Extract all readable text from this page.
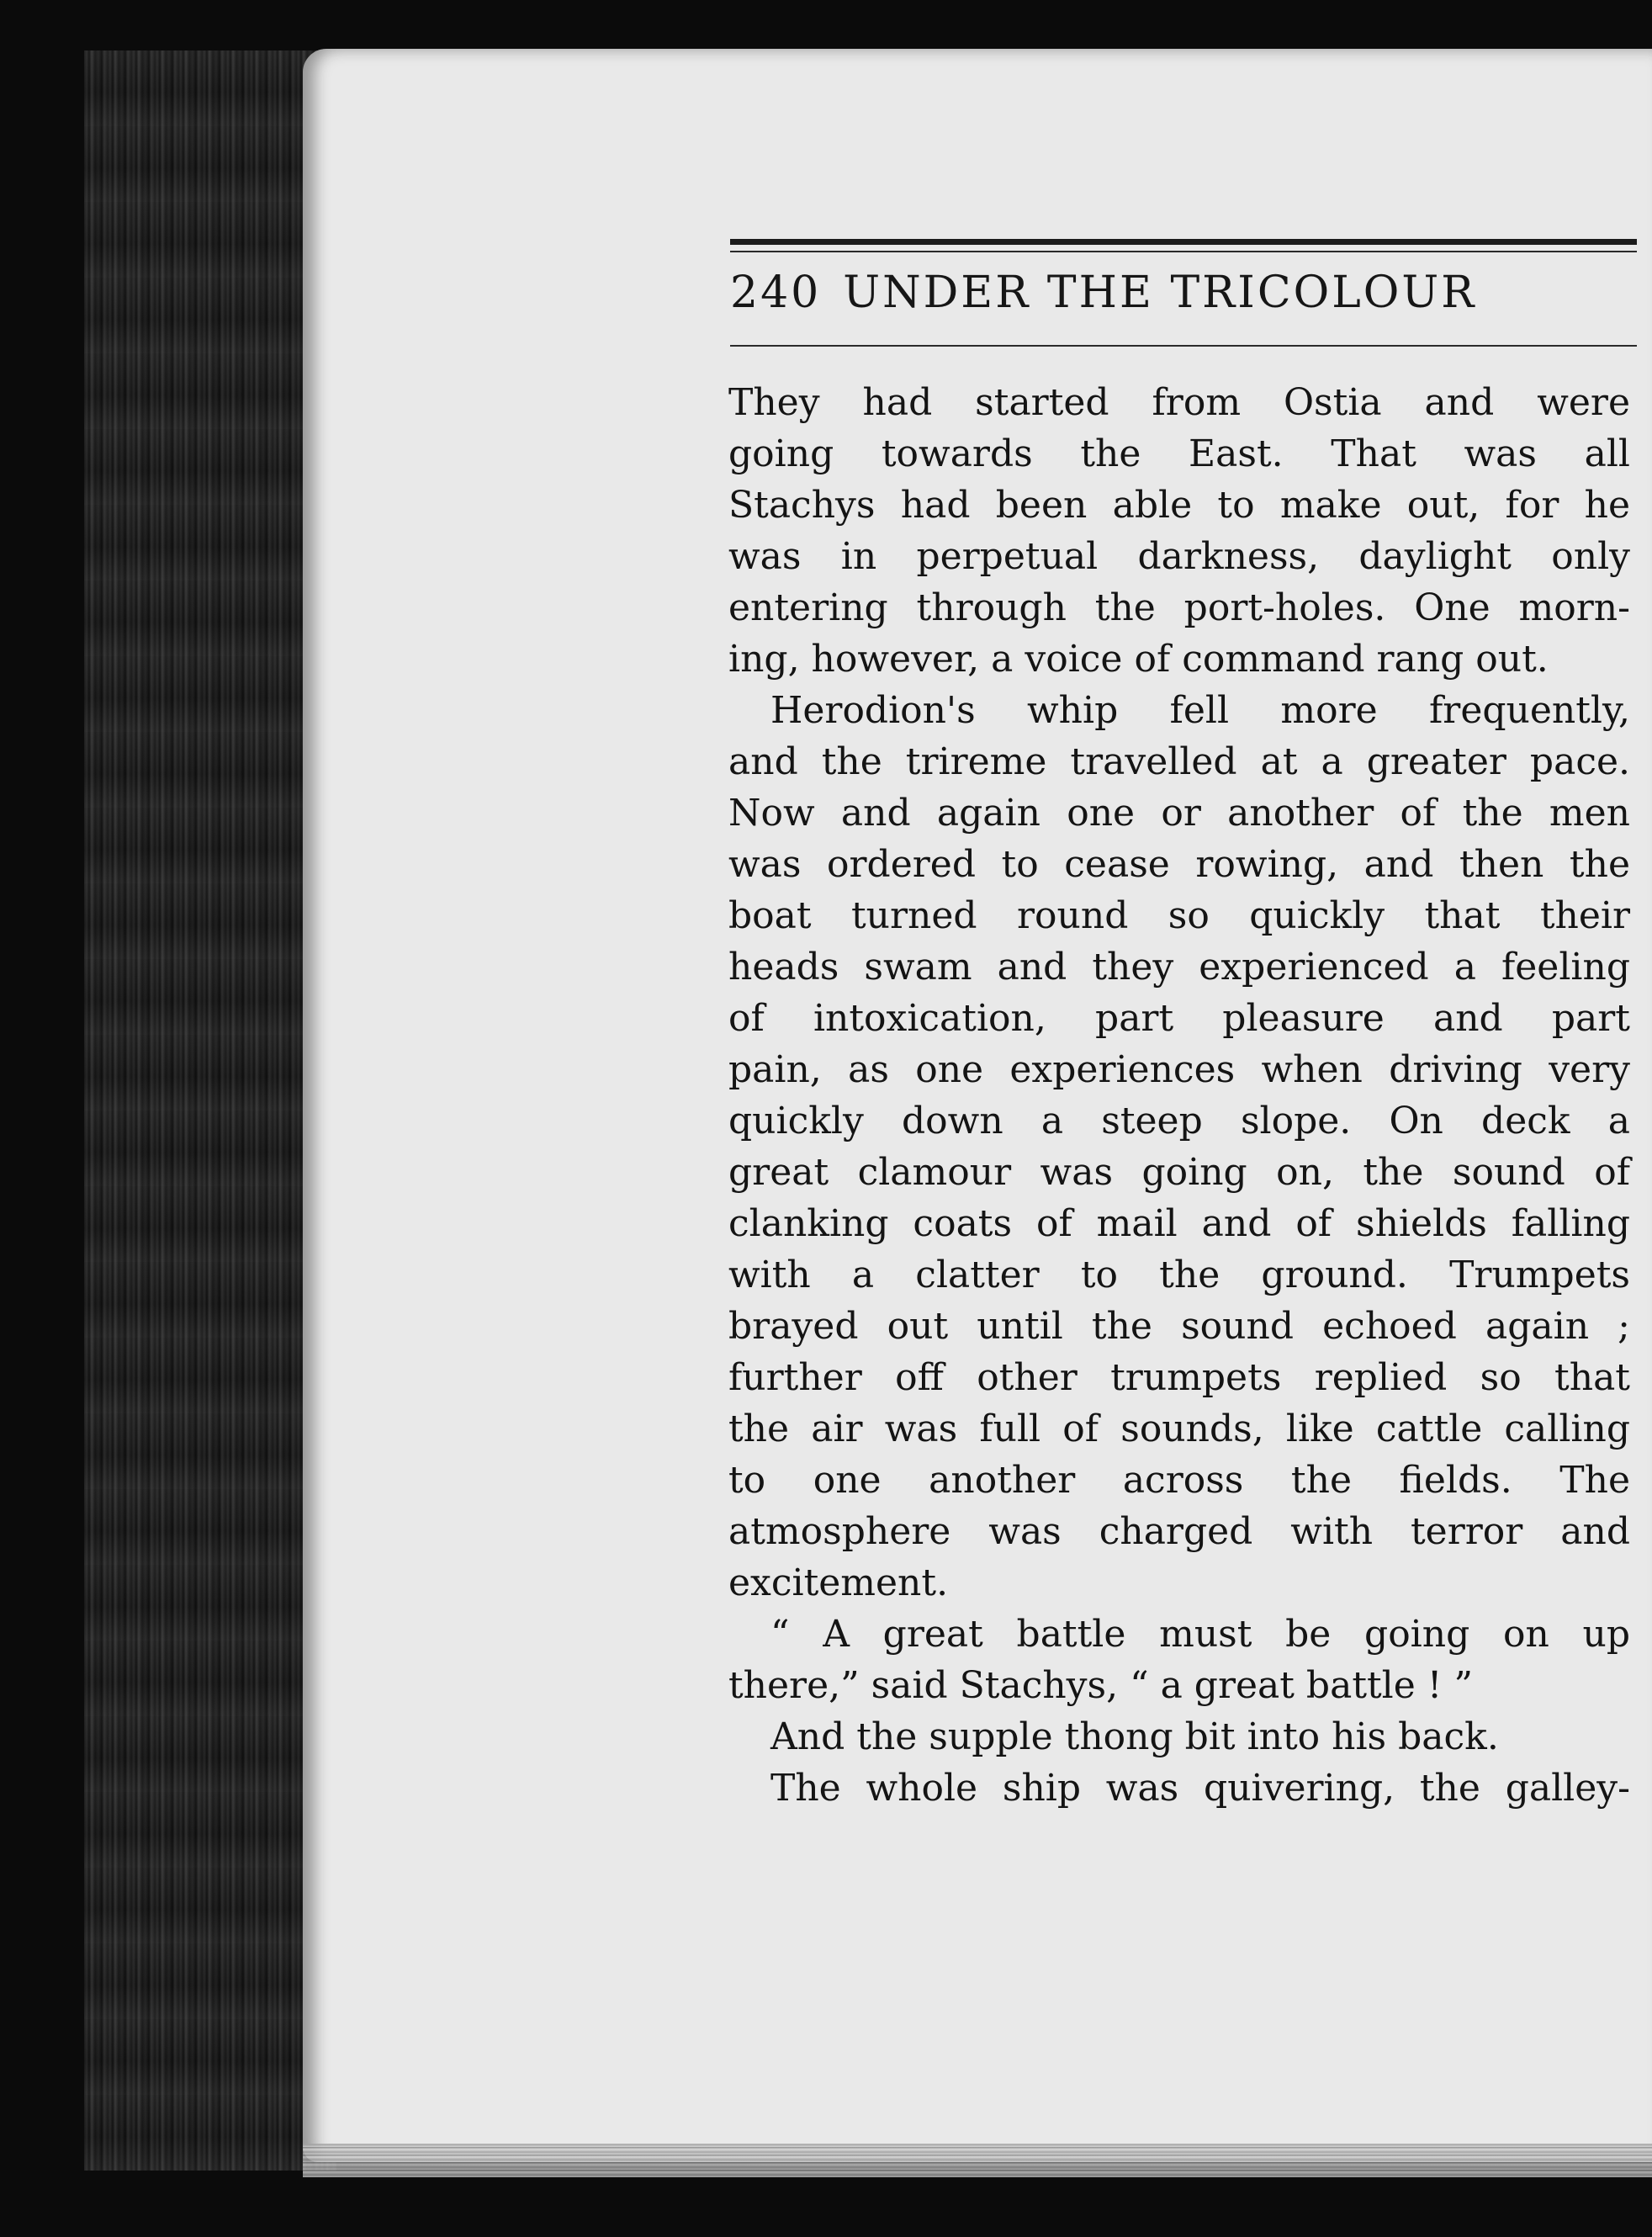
240 UNDER THE TRICOLOUR
They had started from Ostia and were
going towards the East. That was all
Stachys had been able to make out, for he
was in perpetual darkness, daylight only
entering through the port-holes. One morn-
ing, however, a voice of command rang out.
Herodion's whip fell more frequently,
and the trireme travelled at a greater pace.
Now and again one or another of the men
was ordered to cease rowing, and then the
boat turned round so quickly that their
heads swam and they experienced a feeling
of intoxication, part pleasure and part
pain, as one experiences when driving very
quickly down a steep slope. On deck a
great clamour was going on, the sound of
clanking coats of mail and of shields falling
with a clatter to the ground. Trumpets
brayed out until the sound echoed again ;
further off other trumpets replied so that
the air was full of sounds, like cattle calling
to one another across the fields. The
atmosphere was charged with terror and
excitement.
“ A great battle must be going on up
there,” said Stachys, “ a great battle ! ”
And the supple thong bit into his back.
The whole ship was quivering, the galley-
